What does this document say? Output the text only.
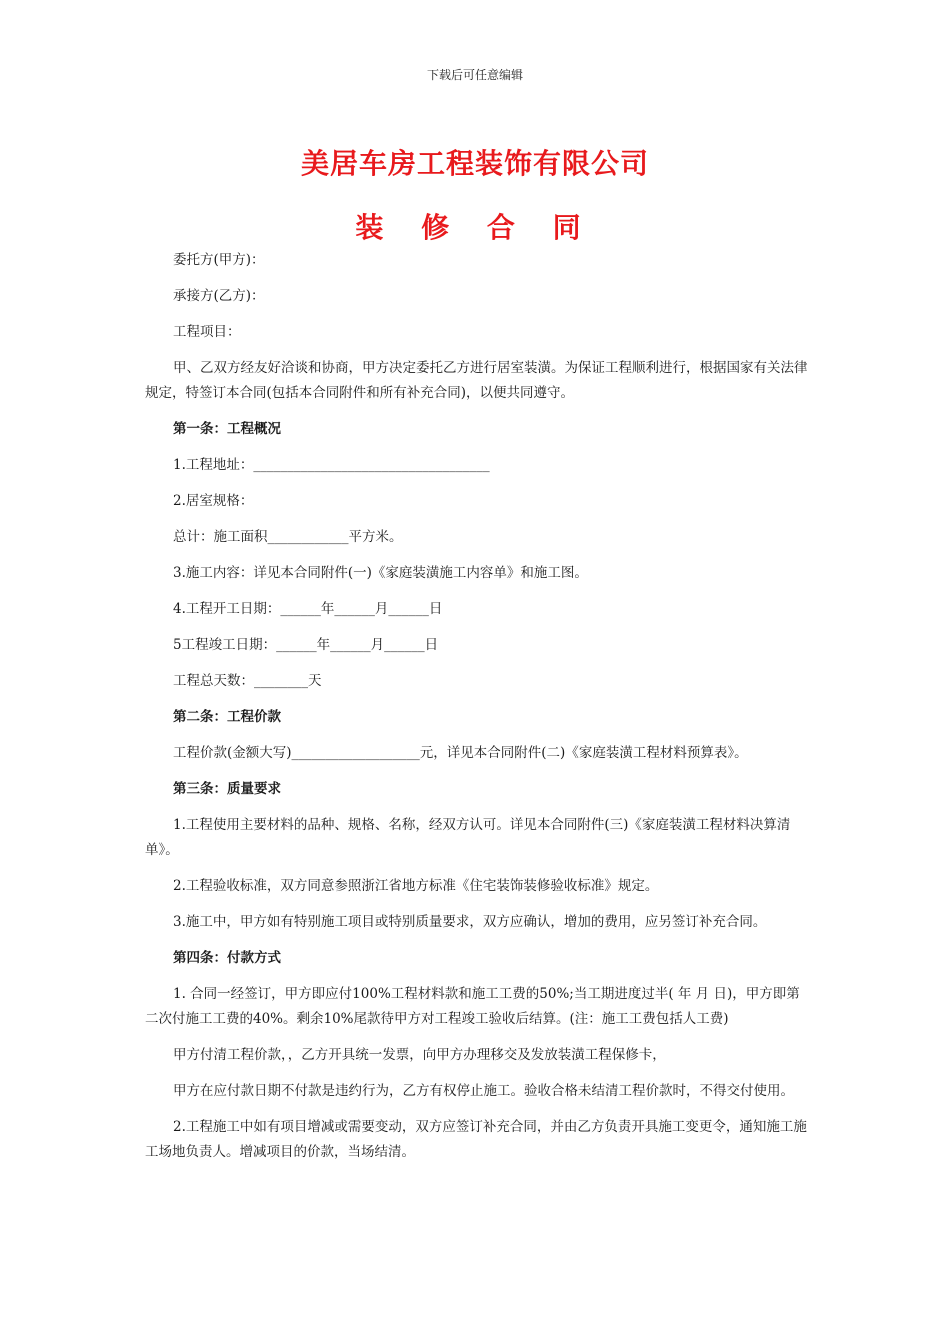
下载后可任意编辑
美居车房工程装饰有限公司
装 修 合 同

委托方(甲方)：

承接方(乙方)：

工程项目：

甲、乙双方经友好洽谈和协商，甲方决定委托乙方进行居室装潢。为保证工程顺利进行，根据国家有关法律规定，特签订本合同(包括本合同附件和所有补充合同)，以便共同遵守。

第一条：工程概况

1.工程地址：___________________________________

2.居室规格：

总计：施工面积____________平方米。

3.施工内容：详见本合同附件(一)《家庭装潢施工内容单》和施工图。

4.工程开工日期：______年______月______日

5工程竣工日期：______年______月______日

工程总天数：________天

第二条：工程价款

工程价款(金额大写)___________________元，详见本合同附件(二)《家庭装潢工程材料预算表》。

第三条：质量要求

1.工程使用主要材料的品种、规格、名称，经双方认可。详见本合同附件(三)《家庭装潢工程材料决算清单》。

2.工程验收标准，双方同意参照浙江省地方标准《住宅装饰装修验收标准》规定。

3.施工中，甲方如有特别施工项目或特别质量要求，双方应确认，增加的费用，应另签订补充合同。

第四条：付款方式

1. 合同一经签订，甲方即应付100%工程材料款和施工工费的50%;当工期进度过半( 年 月 日)，甲方即第二次付施工工费的40%。剩余10%尾款待甲方对工程竣工验收后结算。(注：施工工费包括人工费)

甲方付清工程价款，，乙方开具统一发票，向甲方办理移交及发放装潢工程保修卡，

甲方在应付款日期不付款是违约行为，乙方有权停止施工。验收合格未结清工程价款时，不得交付使用。

2.工程施工中如有项目增减或需要变动，双方应签订补充合同，并由乙方负责开具施工变更令，通知施工施工场地负责人。增减项目的价款，当场结清。
